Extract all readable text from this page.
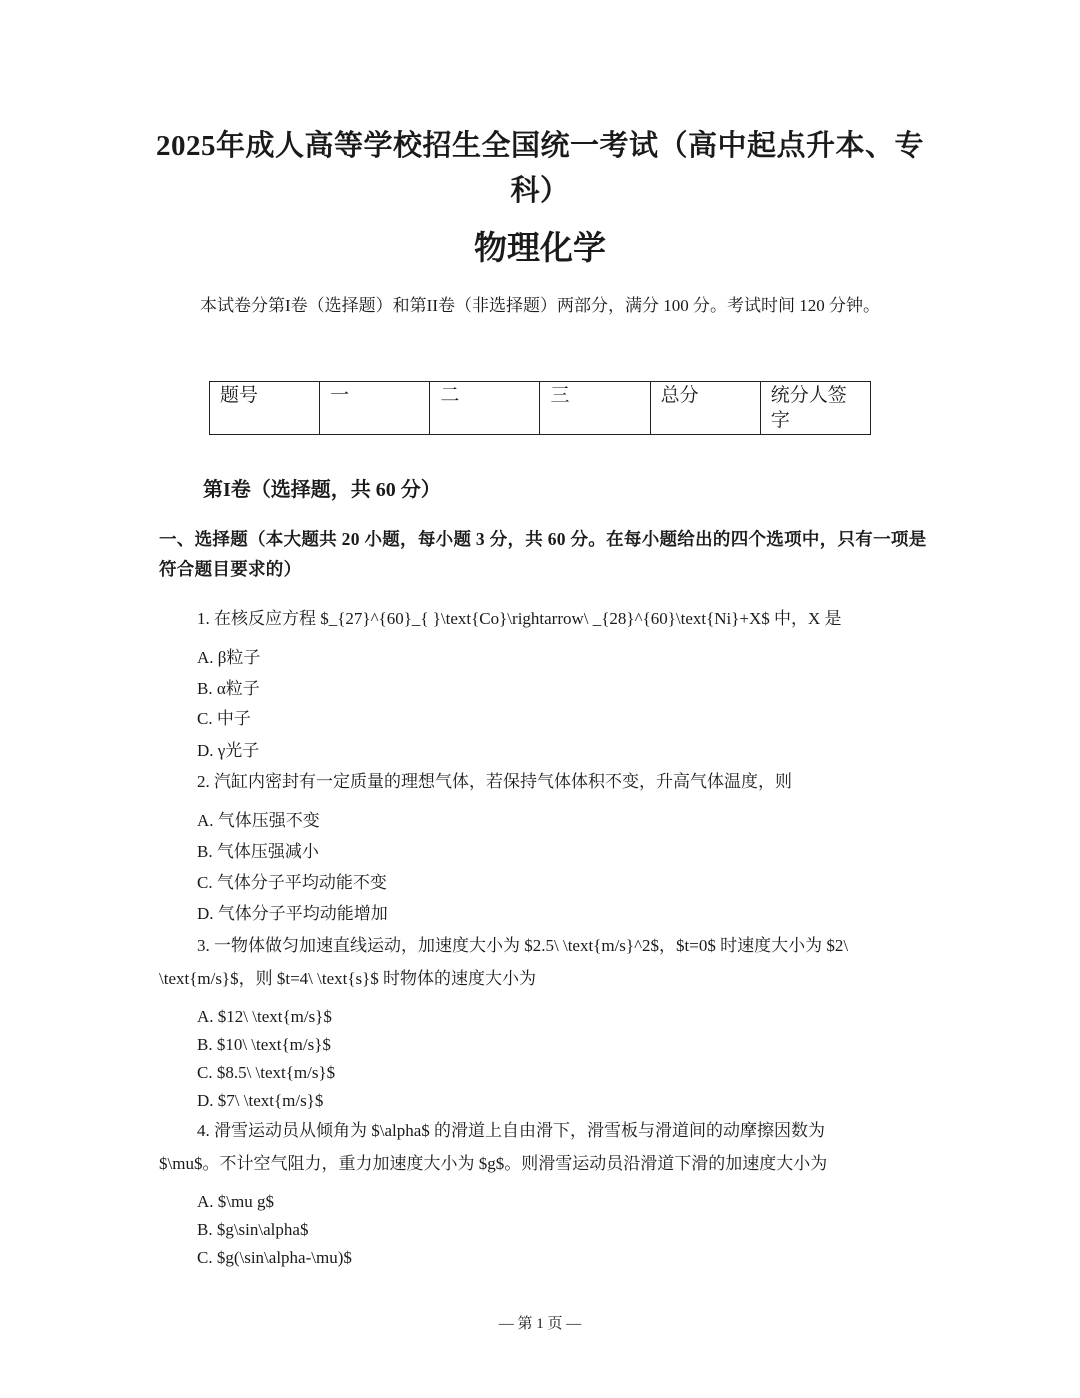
2025年成人高等学校招生全国统一考试（高中起点升本、专
科）
物理化学
本试卷分第I卷（选择题）和第II卷（非选择题）两部分，满分 100 分。考试时间 120 分钟。
题号	一	二	三	总分	统分人签字
第I卷（选择题，共 60 分）
一、选择题（本大题共 20 小题，每小题 3 分，共 60 分。在每小题给出的四个选项中，只有一项是符合题目要求的）
1. 在核反应方程 $_{27}^{60}_{ }\text{Co}\rightarrow\ _{28}^{60}\text{Ni}+X$ 中，X 是
A. β粒子
B. α粒子
C. 中子
D. γ光子
2. 汽缸内密封有一定质量的理想气体，若保持气体体积不变，升高气体温度，则
A. 气体压强不变
B. 气体压强减小
C. 气体分子平均动能不变
D. 气体分子平均动能增加
3. 一物体做匀加速直线运动，加速度大小为 $2.5\ \text{m/s}^2$，$t=0$ 时速度大小为 $2\
\text{m/s}$，则 $t=4\ \text{s}$ 时物体的速度大小为
A. $12\ \text{m/s}$
B. $10\ \text{m/s}$
C. $8.5\ \text{m/s}$
D. $7\ \text{m/s}$
4. 滑雪运动员从倾角为 $\alpha$ 的滑道上自由滑下，滑雪板与滑道间的动摩擦因数为
$\mu$。不计空气阻力，重力加速度大小为 $g$。则滑雪运动员沿滑道下滑的加速度大小为
A. $\mu g$
B. $g\sin\alpha$
C. $g(\sin\alpha-\mu)$
— 第 1 页 —
